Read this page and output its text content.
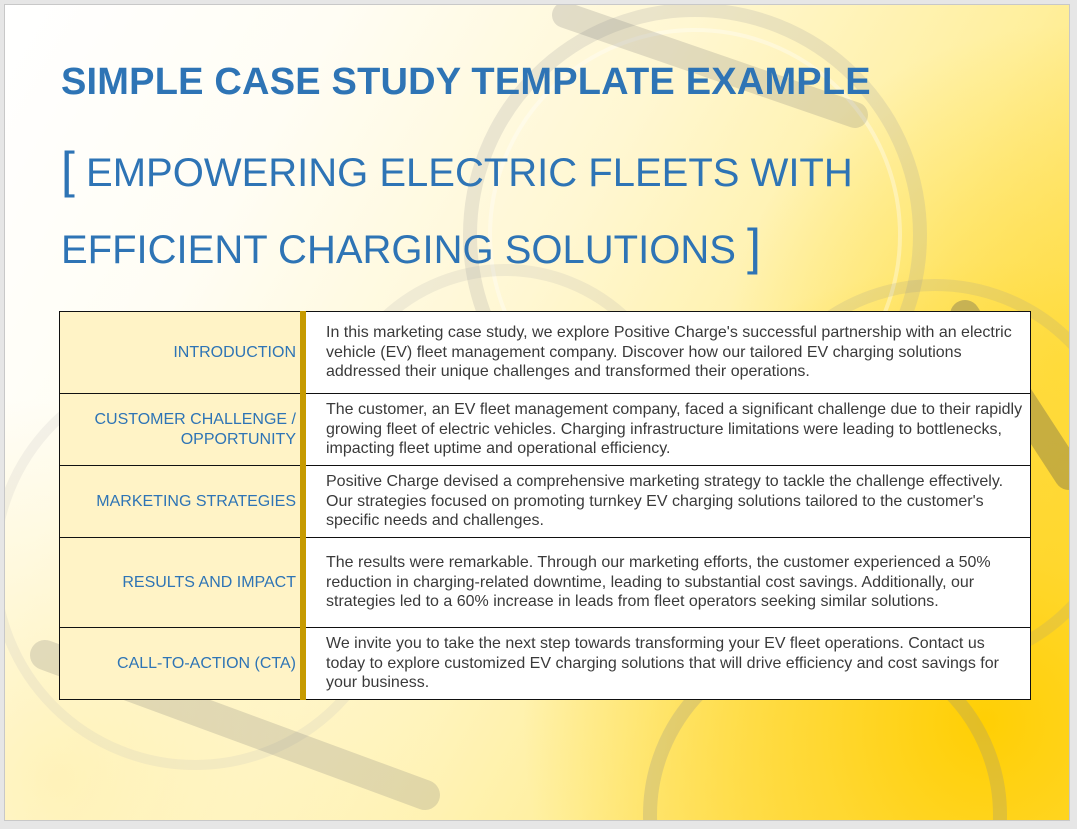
SIMPLE CASE STUDY TEMPLATE EXAMPLE
[ EMPOWERING ELECTRIC FLEETS WITH
EFFICIENT CHARGING SOLUTIONS ]
INTRODUCTION	In this marketing case study, we explore Positive Charge's successful partnership with an electric vehicle (EV) fleet management company. Discover how our tailored EV charging solutions addressed their unique challenges and transformed their operations.
CUSTOMER CHALLENGE / OPPORTUNITY	The customer, an EV fleet management company, faced a significant challenge due to their rapidly growing fleet of electric vehicles. Charging infrastructure limitations were leading to bottlenecks, impacting fleet uptime and operational efficiency.
MARKETING STRATEGIES	Positive Charge devised a comprehensive marketing strategy to tackle the challenge effectively. Our strategies focused on promoting turnkey EV charging solutions tailored to the customer's specific needs and challenges.
RESULTS AND IMPACT	The results were remarkable. Through our marketing efforts, the customer experienced a 50% reduction in charging-related downtime, leading to substantial cost savings. Additionally, our strategies led to a 60% increase in leads from fleet operators seeking similar solutions.
CALL-TO-ACTION (CTA)	We invite you to take the next step towards transforming your EV fleet operations. Contact us today to explore customized EV charging solutions that will drive efficiency and cost savings for your business.
